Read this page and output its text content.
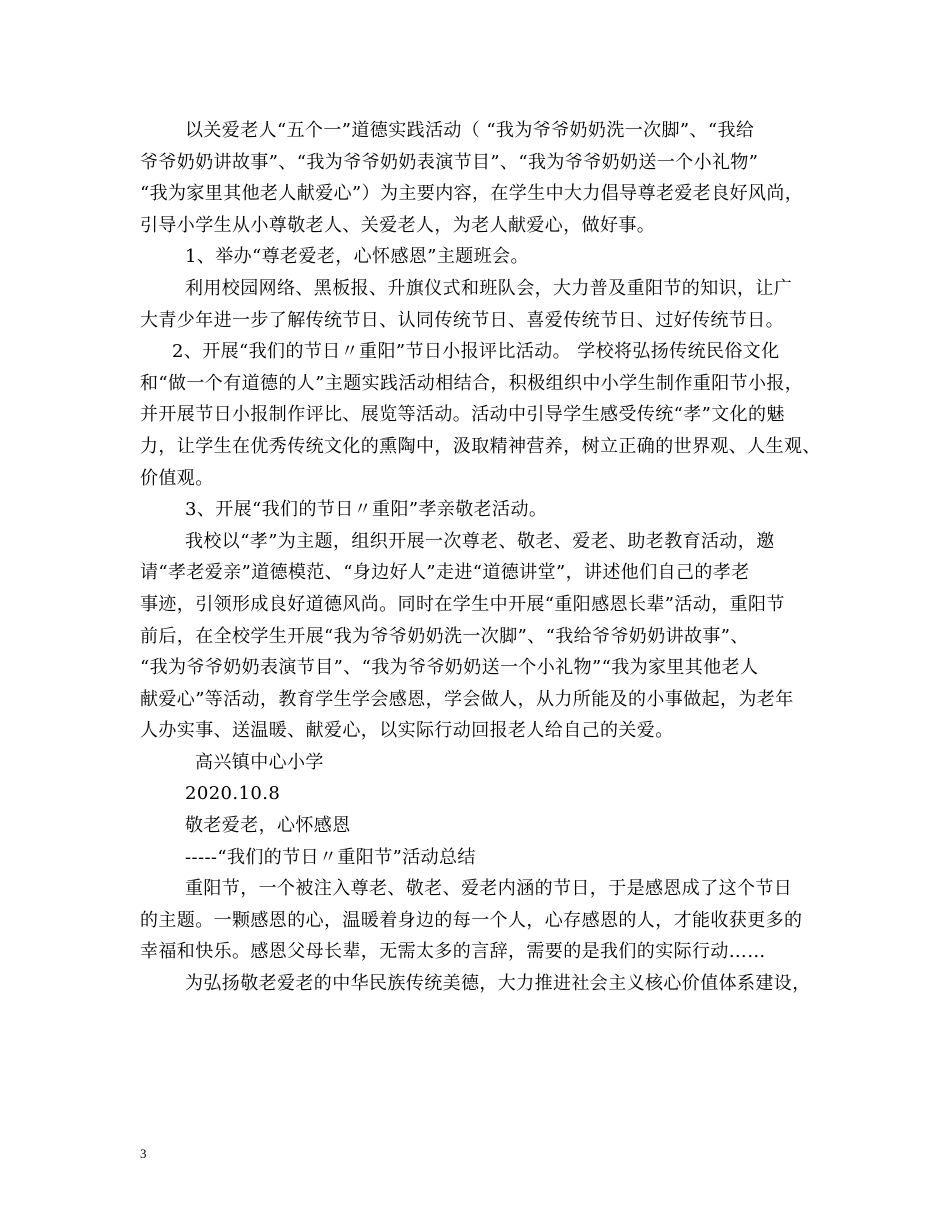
以关爱老人“五个一”道德实践活动（ “我为爷爷奶奶洗一次脚”、“我给
爷爷奶奶讲故事”、“我为爷爷奶奶表演节目”、“我为爷爷奶奶送一个小礼物”
“我为家里其他老人献爱心”）为主要内容，在学生中大力倡导尊老爱老良好风尚，
引导小学生从小尊敬老人、关爱老人，为老人献爱心，做好事。
1、举办“尊老爱老，心怀感恩”主题班会。
利用校园网络、黑板报、升旗仪式和班队会，大力普及重阳节的知识，让广
大青少年进一步了解传统节日、认同传统节日、喜爱传统节日、过好传统节日。
2、开展“我们的节日〃重阳”节日小报评比活动。 学校将弘扬传统民俗文化
和“做一个有道德的人”主题实践活动相结合，积极组织中小学生制作重阳节小报，
并开展节日小报制作评比、展览等活动。活动中引导学生感受传统“孝”文化的魅
力，让学生在优秀传统文化的熏陶中，汲取精神营养，树立正确的世界观、人生观、
价值观。
3、开展“我们的节日〃重阳”孝亲敬老活动。
我校以“孝”为主题，组织开展一次尊老、敬老、爱老、助老教育活动，邀
请“孝老爱亲”道德模范、“身边好人”走进“道德讲堂”，讲述他们自己的孝老
事迹，引领形成良好道德风尚。同时在学生中开展“重阳感恩长辈”活动，重阳节
前后，在全校学生开展“我为爷爷奶奶洗一次脚”、“我给爷爷奶奶讲故事”、
“我为爷爷奶奶表演节目”、“我为爷爷奶奶送一个小礼物”“我为家里其他老人
献爱心”等活动，教育学生学会感恩，学会做人，从力所能及的小事做起，为老年
人办实事、送温暖、献爱心，以实际行动回报老人给自己的关爱。
高兴镇中心小学
2020.10.8
敬老爱老，心怀感恩
-----“我们的节日〃重阳节”活动总结
重阳节，一个被注入尊老、敬老、爱老内涵的节日，于是感恩成了这个节日
的主题。一颗感恩的心，温暖着身边的每一个人，心存感恩的人，才能收获更多的
幸福和快乐。感恩父母长辈，无需太多的言辞，需要的是我们的实际行动……
为弘扬敬老爱老的中华民族传统美德，大力推进社会主义核心价值体系建设，
3
